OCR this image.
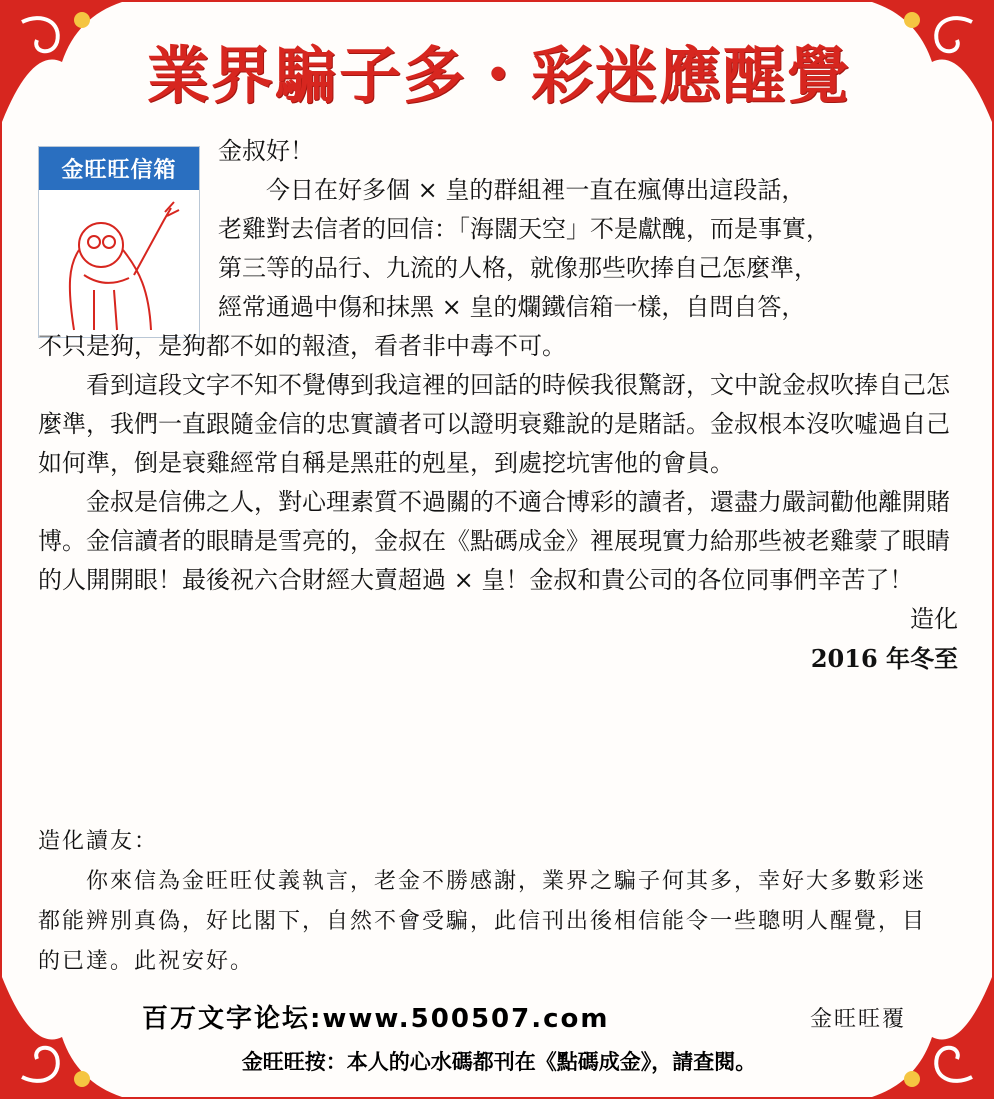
業界騙子多・彩迷應醒覺
金旺旺信箱

金叔好！

今日在好多個 × 皇的群組裡一直在瘋傳出這段話，

老雞對去信者的回信：「海闊天空」不是獻醜，而是事實，

第三等的品行、九流的人格，就像那些吹捧自己怎麼準，

經常通過中傷和抹黑 × 皇的爛鐵信箱一樣，自問自答，

不只是狗，是狗都不如的報渣，看者非中毒不可。

看到這段文字不知不覺傳到我這裡的回話的時候我很驚訝，文中說金叔吹捧自己怎麼準，我們一直跟隨金信的忠實讀者可以證明衰雞說的是賭話。金叔根本沒吹噓過自己如何準，倒是衰雞經常自稱是黑莊的剋星，到處挖坑害他的會員。

金叔是信佛之人，對心理素質不過關的不適合博彩的讀者，還盡力嚴詞勸他離開賭博。金信讀者的眼睛是雪亮的，金叔在《點碼成金》裡展現實力給那些被老雞蒙了眼睛的人開開眼！最後祝六合財經大賣超過 × 皇！金叔和貴公司的各位同事們辛苦了！

造化

2016 年冬至

造化讀友：

你來信為金旺旺仗義執言，老金不勝感謝，業界之騙子何其多，幸好大多數彩迷都能辨別真偽，好比閣下，自然不會受騙，此信刊出後相信能令一些聰明人醒覺，目的已達。此祝安好。

百万文字论坛:www.500507.com	金旺旺覆
金旺旺按：本人的心水碼都刊在《點碼成金》，請查閱。
